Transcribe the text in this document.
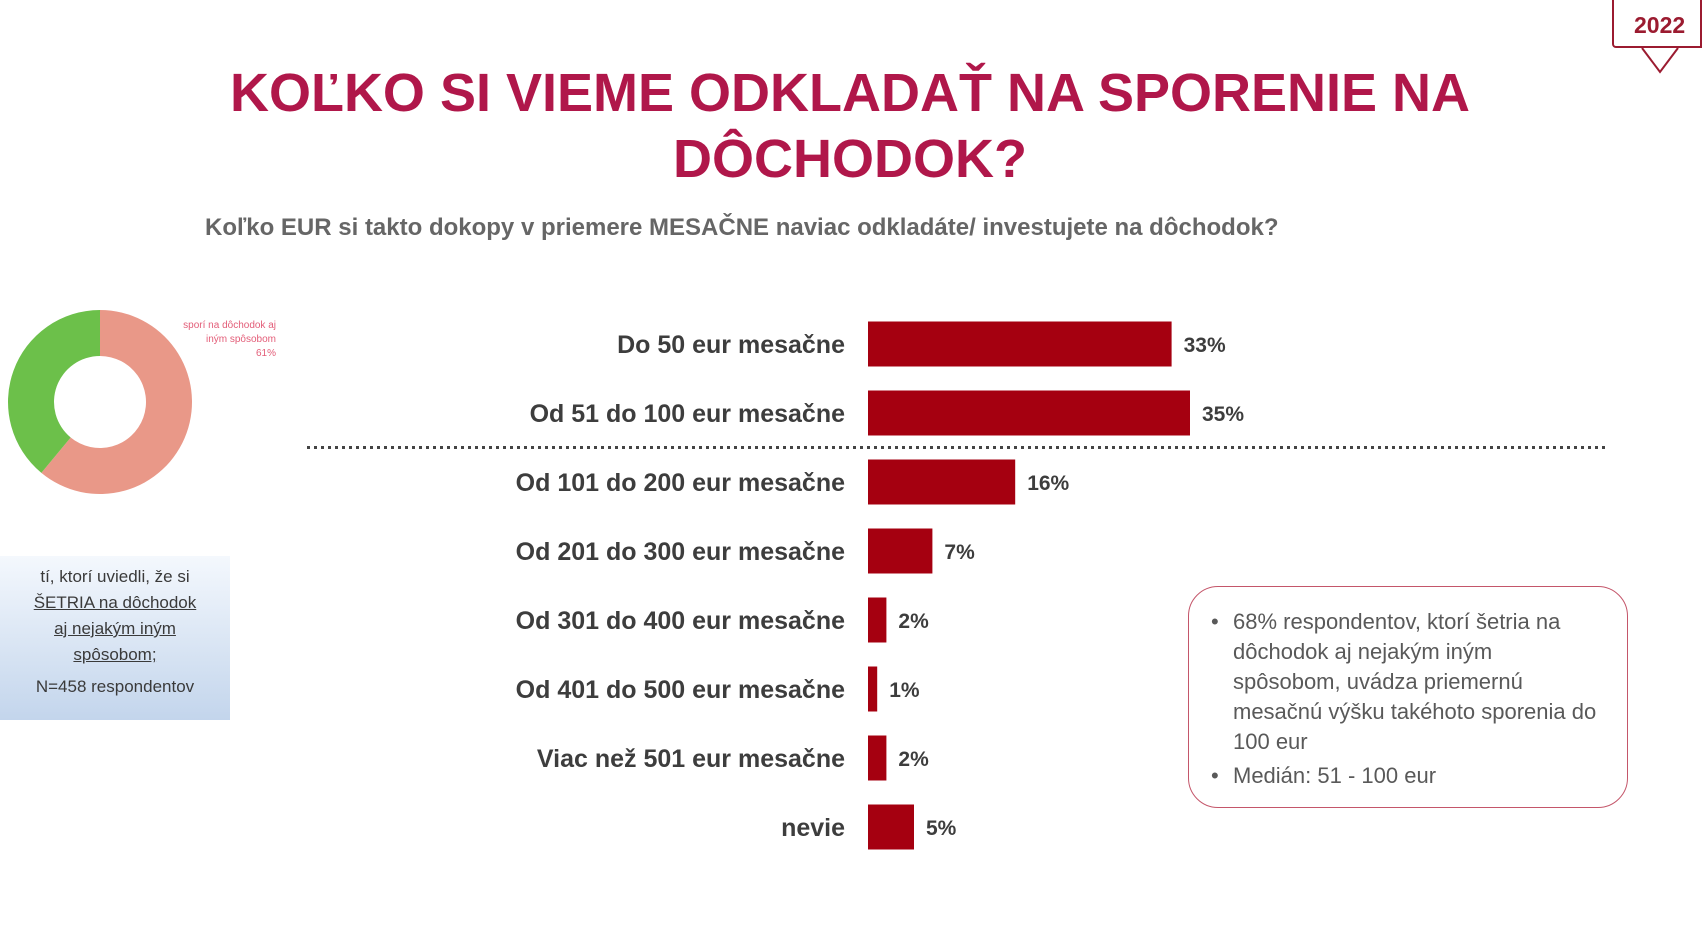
2022
KOĽKO SI VIEME ODKLADAŤ NA SPORENIE NA
DÔCHODOK?
Koľko EUR si takto dokopy v priemere MESAČNE naviac odkladáte/ investujete na dôchodok?
sporí na dôchodok aj
iným spôsobom
61%
tí, ktorí uviedli, že si
ŠETRIA na dôchodok
aj nejakým iným
spôsobom;
N=458 respondentov
Do 50 eur mesačne	33%
Od 51 do 100 eur mesačne	35%
Od 101 do 200 eur mesačne	16%
Od 201 do 300 eur mesačne	7%
Od 301 do 400 eur mesačne	2%
Od 401 do 500 eur mesačne 1%
Viac než 501 eur mesačne	2%
nevie	5%
• 68% respondentov, ktorí šetria na dôchodok aj nejakým iným spôsobom, uvádza priemernú mesačnú výšku takéhoto sporenia do 100 eur
• Medián: 51 - 100 eur
